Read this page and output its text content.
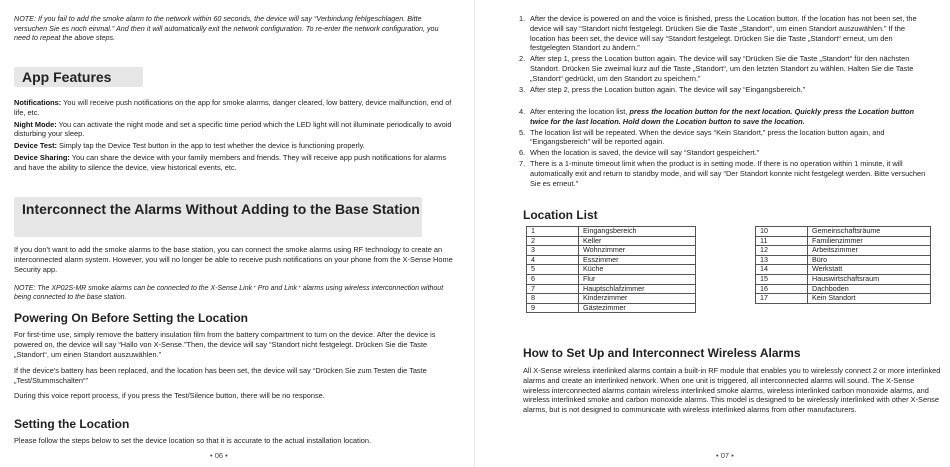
NOTE: If you fail to add the smoke alarm to the network within 60 seconds, the device will say “Verbindung fehlgeschlagen. Bitte versuchen Sie es noch einmal.” And then it will automatically exit the network configuration. To re-enter the network configuration, you need to repeat the above steps.
App Features
Notifications: You will receive push notifications on the app for smoke alarms, danger cleared, low battery, device malfunction, end of life, etc.
Night Mode: You can activate the night mode and set a specific time period which the LED light will not illuminate periodically to avoid disturbing your sleep.
Device Test: Simply tap the Device Test button in the app to test whether the device is functioning properly.
Device Sharing: You can share the device with your family members and friends. They will receive app push notifications for alarms and have the ability to silence the device, view historical events, etc.
Interconnect the Alarms Without Adding to the Base Station
If you don’t want to add the smoke alarms to the base station, you can connect the smoke alarms using RF technology to create an interconnected alarm system. However, you will no longer be able to receive push notifications on your phone from the X-Sense Home Security app.
NOTE: The XP02S-MR smoke alarms can be connected to the X-Sense Link⁺ Pro and Link⁺ alarms using wireless interconnection without being connected to the base station.
Powering On Before Setting the Location
For first-time use, simply remove the battery insulation film from the battery compartment to turn on the device. After the device is powered on, the device will say “Hallo von X-Sense.”Then, the device will say “Standort nicht festgelegt. Drücken Sie die Taste „Standort“, um einen Standort auszuwählen.”
If the device's battery has been replaced, and the location has been set, the device will say “Drücken Sie zum Testen die Taste „Test/Stummschalten“”
During this voice report process, if you press the Test/Silence button, there will be no response.
Setting the Location
Please follow the steps below to set the device location so that it is accurate to the actual installation location.
• 06 •
1. After the device is powered on and the voice is finished, press the Location button. If the location has not been set, the device will say “Standort nicht festgelegt. Drücken Sie die Taste „Standort“, um einen Standort auszuwählen.” If the location has been set, the device will say “Standort festgelegt. Drücken Sie die Taste „Standort“ erneut, um den festgelegten Standort zu ändern.”
2. After step 1, press the Location button again. The device will say “Drücken Sie die Taste „Standort“ für den nächsten Standort. Drücken Sie zweimal kurz auf die Taste „Standort“, um den letzten Standort zu wählen. Halten Sie die Taste „Standort“ gedrückt, um den Standort zu speichern.”
3. After step 2, press the Location button again. The device will say “Eingangsbereich.”
4. After entering the location list, press the location button for the next location. Quickly press the Location button twice for the last location. Hold down the Location button to save the location.
5. The location list will be repeated. When the device says “Kein Standort,” press the location button again, and “Eingangsbereich” will be reported again.
6. When the location is saved, the device will say “Standort gespeichert.”
7. There is a 1-minute timeout limit when the product is in setting mode. If there is no operation within 1 minute, it will automatically exit and return to standby mode, and will say “Der Standort konnte nicht festgelegt werden. Bitte versuchen Sie es erneut.”
Location List
1	Eingangsbereich
2	Keller
3	Wohnzimmer
4	Esszimmer
5	Küche
6	Flur
7	Hauptschlafzimmer
8	Kinderzimmer
9	Gästezimmer
10	Gemeinschaftsräume
11	Familienzimmer
12	Arbeitszimmer
13	Büro
14	Werkstatt
15	Hauswirtschaftsraum
16	Dachboden
17	Kein Standort
How to Set Up and Interconnect Wireless Alarms
All X-Sense wireless interlinked alarms contain a built-in RF module that enables you to wirelessly connect 2 or more interlinked alarms and create an interlinked network. When one unit is triggered, all interconnected alarms will sound. The X-Sense wireless interconnected alarms contain wireless interlinked smoke alarms, wireless interlinked carbon monoxide alarms, and wireless interlinked smoke and carbon monoxide alarms. This model is designed to be wirelessly interlinked with other X-Sense alarms, but is not designed to communicate with wireless interlinked alarms from other manufacturers.
• 07 •
